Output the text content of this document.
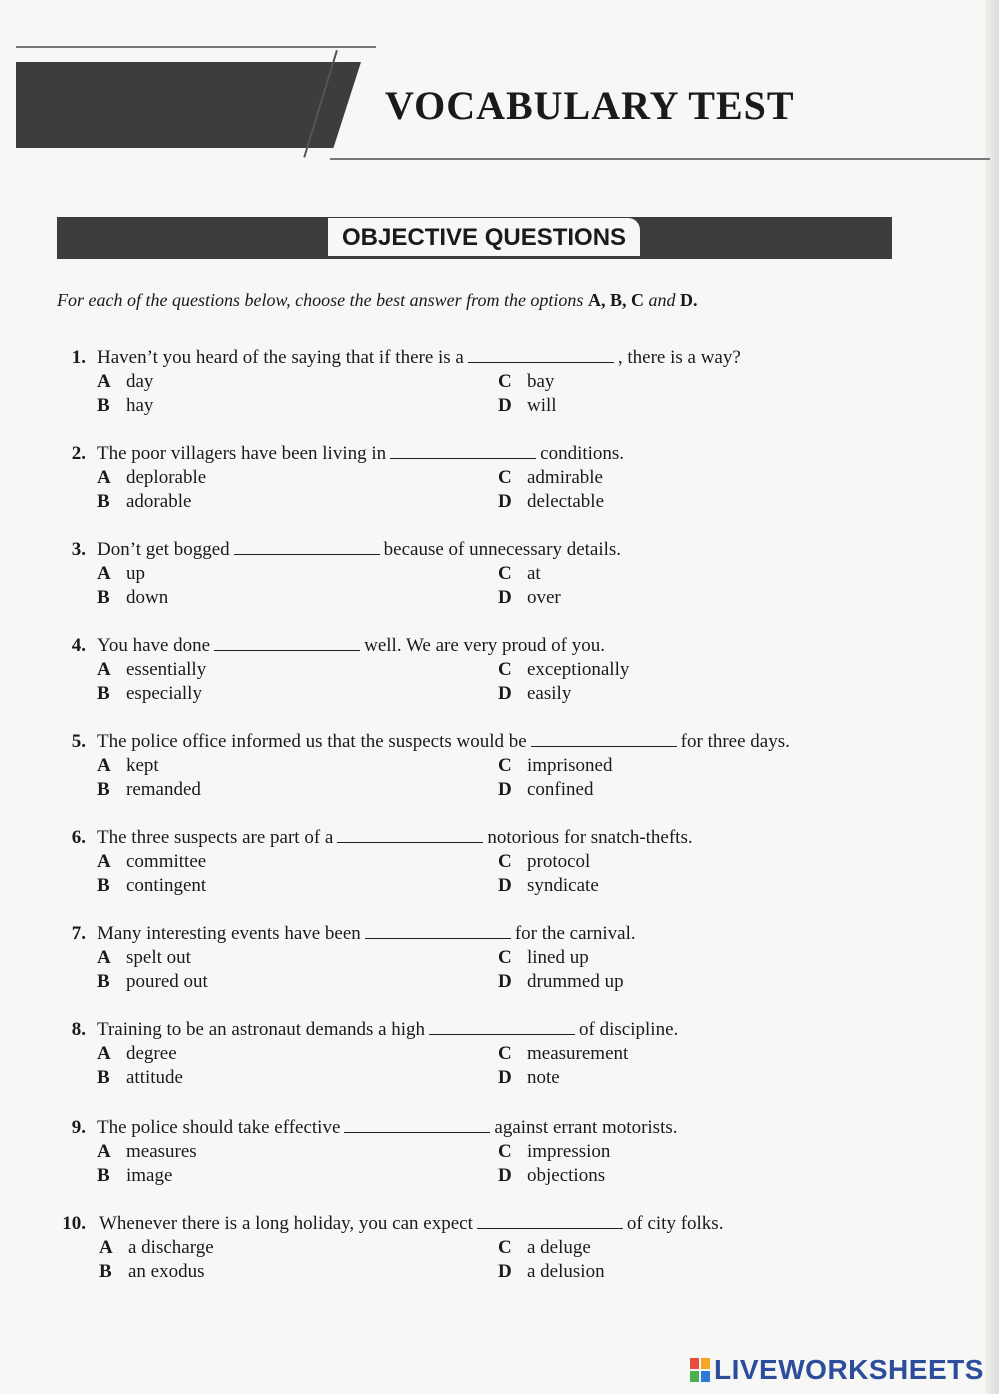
VOCABULARY TEST
OBJECTIVE QUESTIONS

For each of the questions below, choose the best answer from the options A, B, C and D.

1. Haven’t you heard of the saying that if there is a	, there is a way?
A day
B hay
C bay
D will
2. The poor villagers have been living in	conditions.
A deplorable
B adorable
C admirable
D delectable
3. Don’t get bogged	because of unnecessary details.
A up
B down
C at
D over
4. You have done	well. We are very proud of you.
A essentially
B especially
C exceptionally
D easily
5. The police office informed us that the suspects would be	for three days.
A kept
B remanded
C imprisoned
D confined
6. The three suspects are part of a	notorious for snatch-thefts.
A committee
B contingent
C protocol
D syndicate
7. Many interesting events have been	for the carnival.
A spelt out
B poured out
C lined up
D drummed up
8. Training to be an astronaut demands a high	of discipline.
A degree
B attitude
C measurement
D note
9. The police should take effective	against errant motorists.
A measures
B image
C impression
D objections
10. Whenever there is a long holiday, you can expect	of city folks.
A a discharge
B an exodus
C a deluge
D a delusion
LIVEWORKSHEETS
